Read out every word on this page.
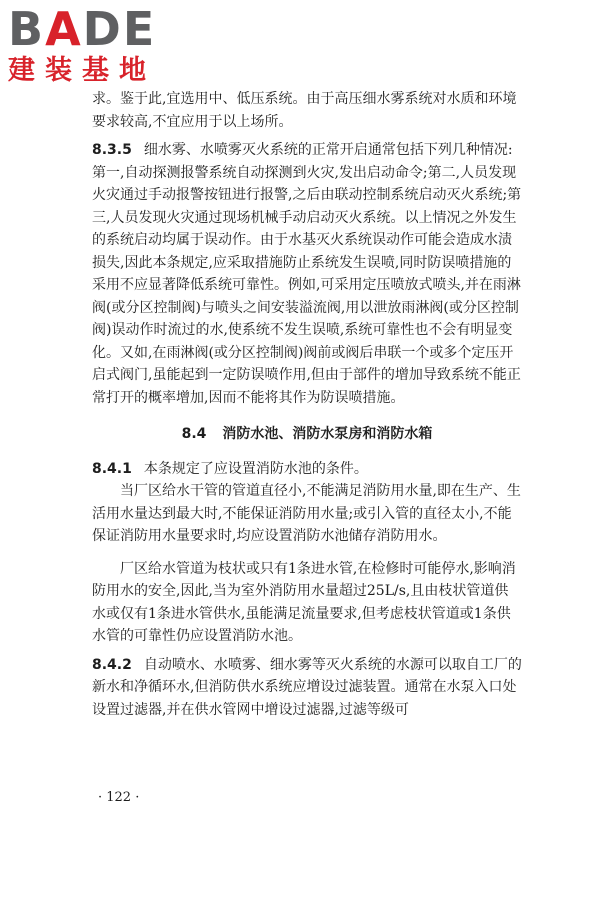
BADE
建装基地

求。鉴于此,宜选用中、低压系统。由于高压细水雾系统对水质和环境要求较高,不宜应用于以上场所。

8.3.5 细水雾、水喷雾灭火系统的正常开启通常包括下列几种情况:第一,自动探测报警系统自动探测到火灾,发出启动命令;第二,人员发现火灾通过手动报警按钮进行报警,之后由联动控制系统启动灭火系统;第三,人员发现火灾通过现场机械手动启动灭火系统。以上情况之外发生的系统启动均属于误动作。由于水基灭火系统误动作可能会造成水渍损失,因此本条规定,应采取措施防止系统发生误喷,同时防误喷措施的采用不应显著降低系统可靠性。例如,可采用定压喷放式喷头,并在雨淋阀(或分区控制阀)与喷头之间安装溢流阀,用以泄放雨淋阀(或分区控制阀)误动作时流过的水,使系统不发生误喷,系统可靠性也不会有明显变化。又如,在雨淋阀(或分区控制阀)阀前或阀后串联一个或多个定压开启式阀门,虽能起到一定防误喷作用,但由于部件的增加导致系统不能正常打开的概率增加,因而不能将其作为防误喷措施。

8.4 消防水池、消防水泵房和消防水箱

8.4.1 本条规定了应设置消防水池的条件。

当厂区给水干管的管道直径小,不能满足消防用水量,即在生产、生活用水量达到最大时,不能保证消防用水量;或引入管的直径太小,不能保证消防用水量要求时,均应设置消防水池储存消防用水。

厂区给水管道为枝状或只有1条进水管,在检修时可能停水,影响消防用水的安全,因此,当为室外消防用水量超过25L/s,且由枝状管道供水或仅有1条进水管供水,虽能满足流量要求,但考虑枝状管道或1条供水管的可靠性仍应设置消防水池。

8.4.2 自动喷水、水喷雾、细水雾等灭火系统的水源可以取自工厂的新水和净循环水,但消防供水系统应增设过滤装置。通常在水泵入口处设置过滤器,并在供水管网中增设过滤器,过滤等级可

· 122 ·
